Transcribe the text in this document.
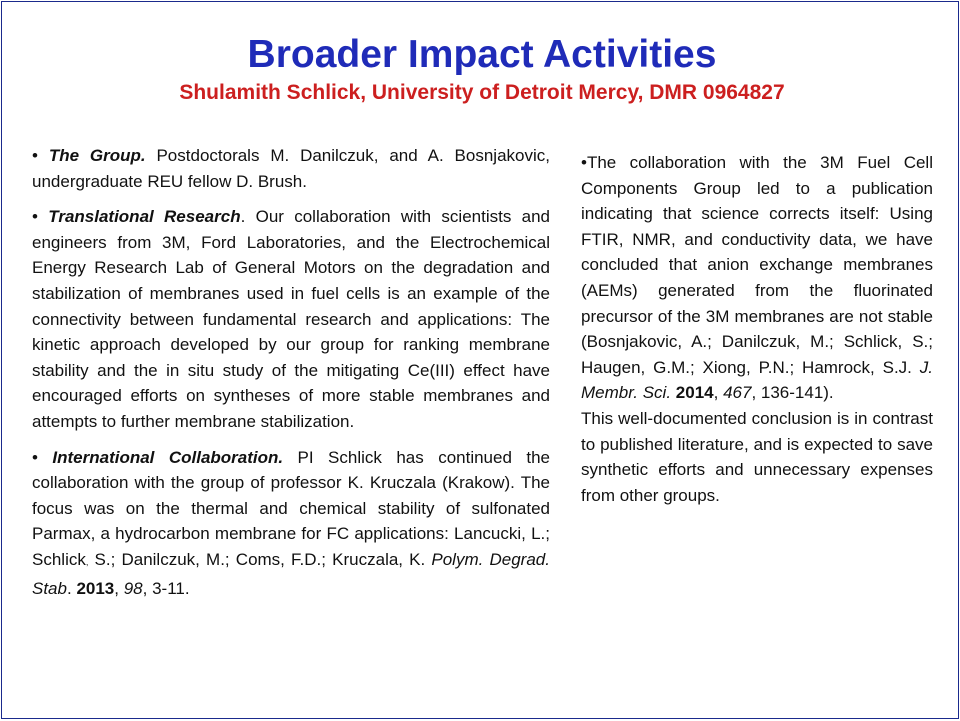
Broader Impact Activities
Shulamith Schlick, University of Detroit Mercy, DMR 0964827

• The Group. Postdoctorals M. Danilczuk, and A. Bosnjakovic, undergraduate REU fellow D. Brush.

• Translational Research. Our collaboration with scientists and engineers from 3M, Ford Laboratories, and the Electrochemical Energy Research Lab of General Motors on the degradation and stabilization of membranes used in fuel cells is an example of the connectivity between fundamental research and applications: The kinetic approach developed by our group for ranking membrane stability and the in situ study of the mitigating Ce(III) effect have encouraged efforts on syntheses of more stable membranes and attempts to further membrane stabilization.

• International Collaboration. PI Schlick has continued the collaboration with the group of professor K. Kruczala (Krakow). The focus was on the thermal and chemical stability of sulfonated Parmax, a hydrocarbon membrane for FC applications: Lancucki, L.; Schlick, S.; Danilczuk, M.; Coms, F.D.; Kruczala, K. Polym. Degrad. Stab. 2013, 98, 3-11.

•The collaboration with the 3M Fuel Cell Components Group led to a publication indicating that science corrects itself: Using FTIR, NMR, and conductivity data, we have concluded that anion exchange membranes (AEMs) generated from the fluorinated precursor of the 3M membranes are not stable (Bosnjakovic, A.; Danilczuk, M.; Schlick, S.; Haugen, G.M.; Xiong, P.N.; Hamrock, S.J. J. Membr. Sci. 2014, 467, 136-141).

This well-documented conclusion is in contrast to published literature, and is expected to save synthetic efforts and unnecessary expenses from other groups.
